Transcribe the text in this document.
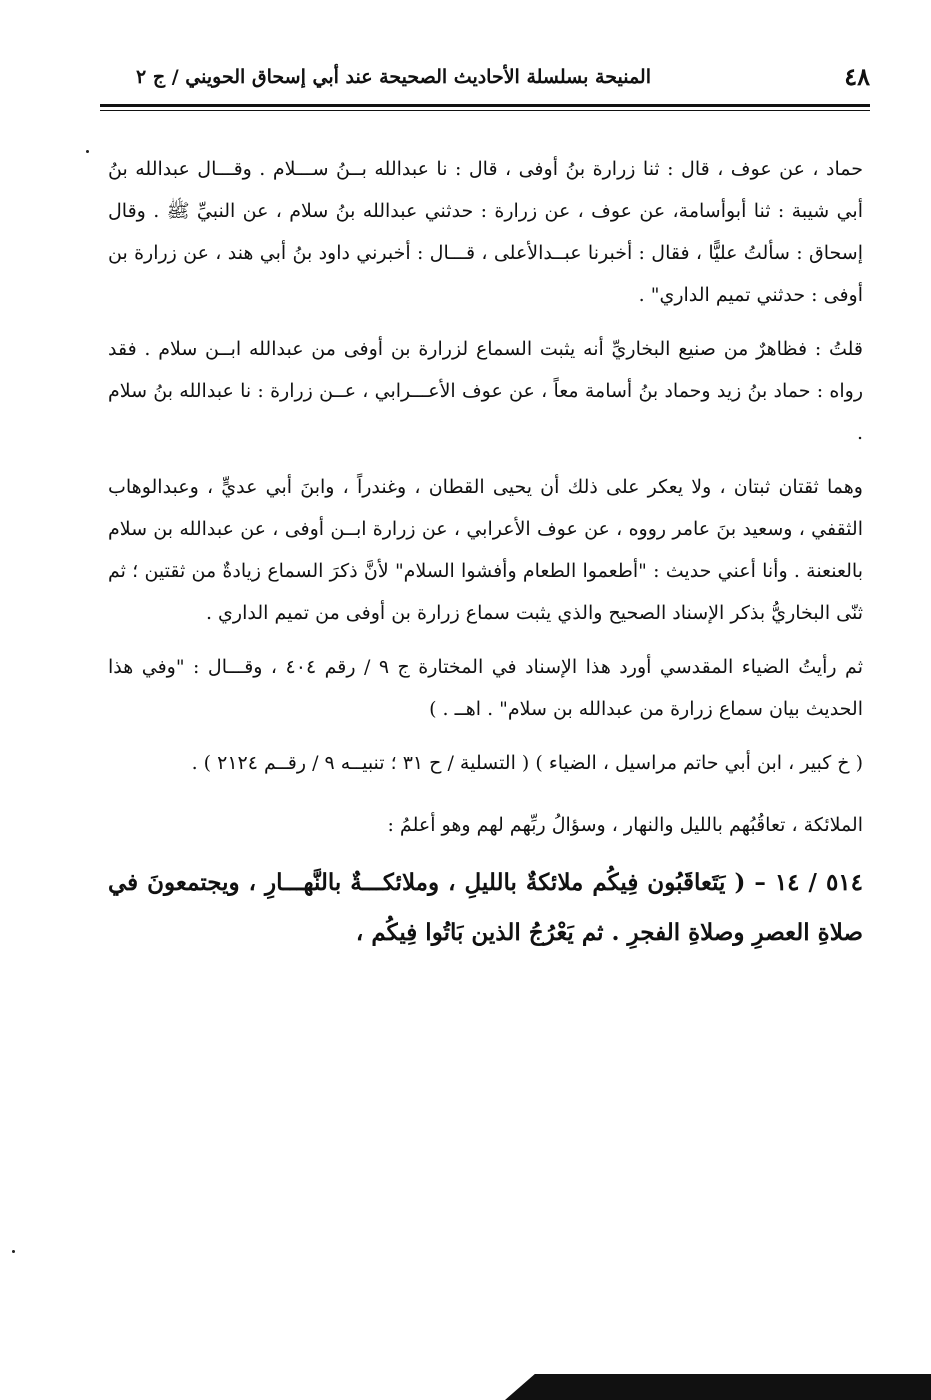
٤٨
المنيحة بسلسلة الأحاديث الصحيحة عند أبي إسحاق الحويني / ج ٢

حماد ، عن عوف ، قال : ثنا زرارة بنُ أوفى ، قال : نا عبدالله بــنُ ســـلام . وقـــال عبدالله بنُ أبي شيبة : ثنا أبوأسامة، عن عوف ، عن زرارة : حدثني عبدالله بنُ سلام ، عن النبيِّ ﷺ . وقال إسحاق : سألتُ عليًّا ، فقال : أخبرنا عبــدالأعلى ، قـــال : أخبرني داود بنُ أبي هند ، عن زرارة بن أوفى : حدثني تميم الداري" .

قلتُ : فظاهرٌ من صنيع البخاريِّ أنه يثبت السماع لزرارة بن أوفى من عبدالله ابــن سلام . فقد رواه : حماد بنُ زيد وحماد بنُ أسامة معاً ، عن عوف الأعـــرابي ، عــن زرارة : نا عبدالله بنُ سلام .

وهما ثقتان ثبتان ، ولا يعكر على ذلك أن يحيى القطان ، وغندراً ، وابنَ أبي عديٍّ ، وعبدالوهاب الثقفي ، وسعيد بنَ عامر رووه ، عن عوف الأعرابي ، عن زرارة ابــن أوفى ، عن عبدالله بن سلام بالعنعنة . وأنا أعني حديث : "أطعموا الطعام وأفشوا السلام" لأنَّ ذكرَ السماع زيادةٌ من ثقتين ؛ ثم ثنّى البخاريُّ بذكر الإسناد الصحيح والذي يثبت سماع زرارة بن أوفى من تميم الداري .

ثم رأيتُ الضياء المقدسي أورد هذا الإسناد في المختارة ج ٩ / رقم ٤٠٤ ، وقـــال : "وفي هذا الحديث بيان سماع زرارة من عبدالله بن سلام" . اهــ . )

( خ كبير ، ابن أبي حاتم مراسيل ، الضياء ) ( التسلية / ح ٣١ ؛ تنبيــه ٩ / رقــم ٢١٢٤ ) .

الملائكة ، تعاقُبُهم بالليل والنهار ، وسؤالُ ربِّهم لهم وهو أعلمُ :

٥١٤ / ١٤ – ( يَتَعاقَبُون فِيكُم ملائكةٌ بالليلِ ، وملائكـــةٌ بالنَّهـــارِ ، ويجتمعونَ في صلاةِ العصرِ وصلاةِ الفجرِ . ثم يَعْرُجُ الذين بَاتُوا فِيكُم ،
